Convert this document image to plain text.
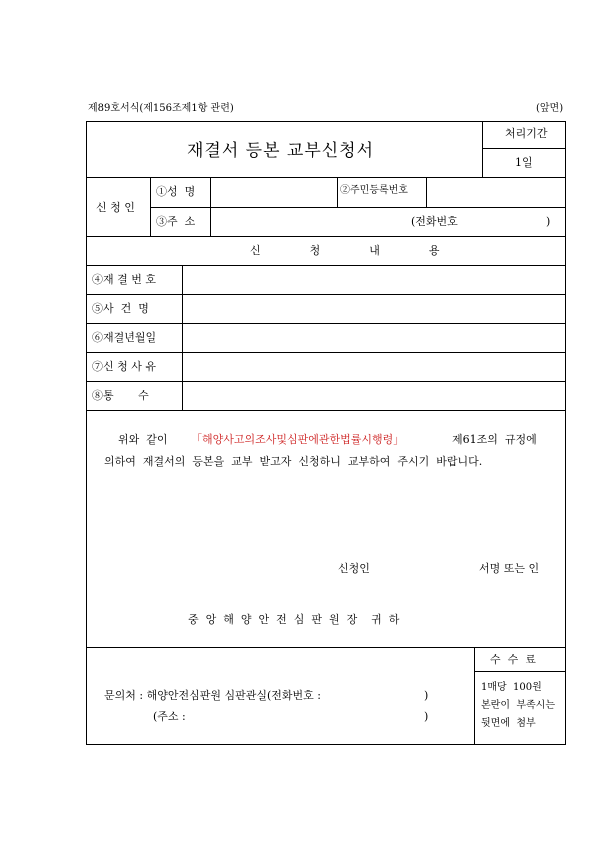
제89호서식(제156조제1항 관련)	(앞면)
재결서 등본 교부신청서
처리기간
1일
신 청 인
①성  명	②주민등록번호
③주  소	(전화번호	)
신  청  내  용
④재 결 번 호
⑤사  건  명
⑥재결년월일
⑦신 청 사 유
⑧통       수
위와  같이 「해양사고의조사및심판에관한법률시행령」	제61조의  규정에
의하여  재결서의  등본을  교부  받고자  신청하니  교부하여  주시기  바랍니다.
신청인	서명 또는 인
중  앙  해  양  안  전  심  판  원  장    귀  하
문의처 : 해양안전심판원 심판관실(전화번호 :	)
(주소 :	)
수  수  료
1매당  100원
본란이  부족시는
뒷면에  첨부
